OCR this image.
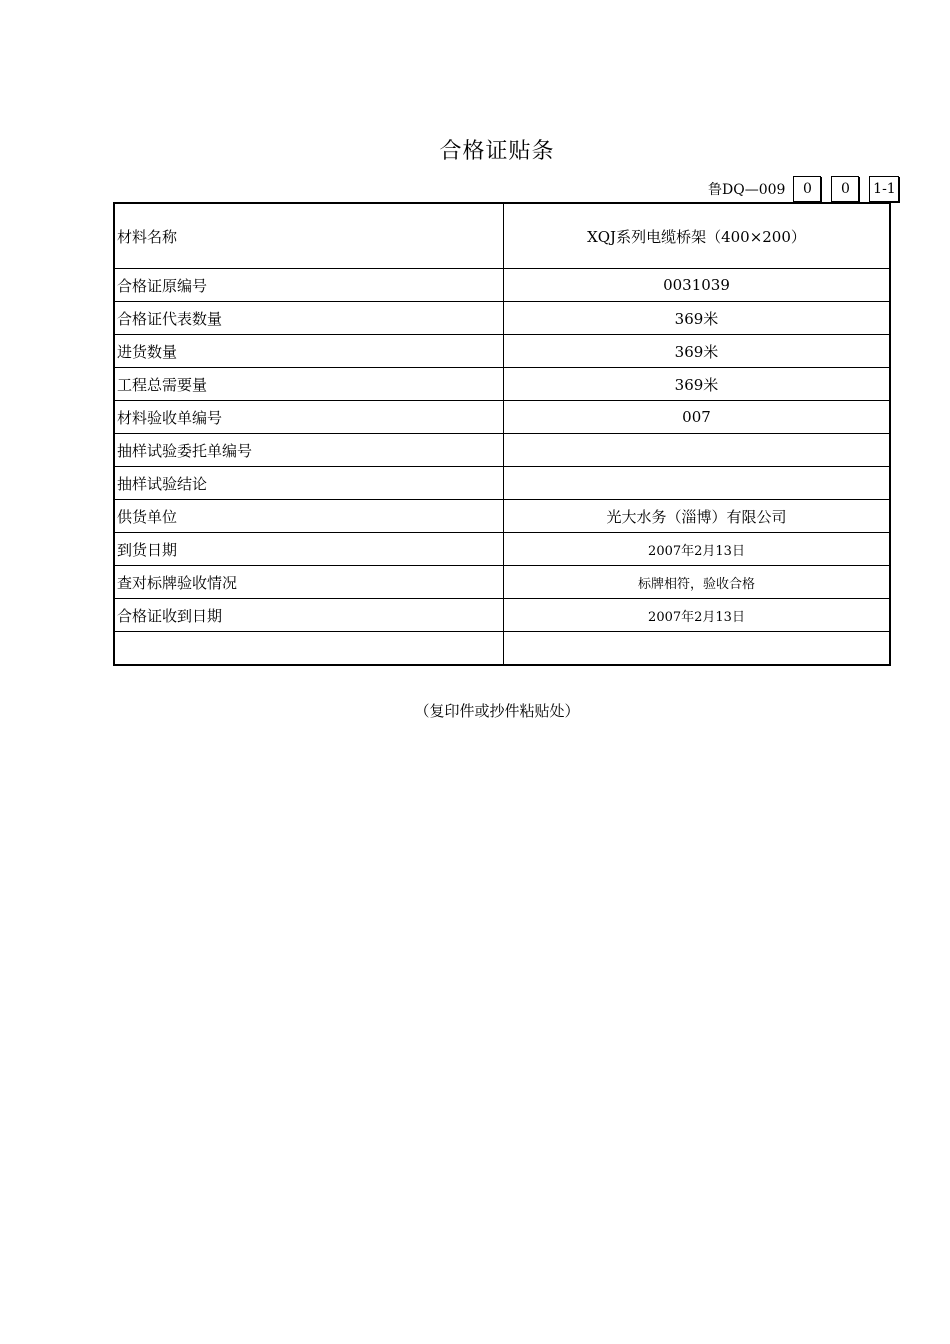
合格证贴条
鲁DQ—009	0	0	1-1
材料名称	XQJ系列电缆桥架（400×200）
合格证原编号	0031039
合格证代表数量	369米
进货数量	369米
工程总需要量	369米
材料验收单编号	007
抽样试验委托单编号	
抽样试验结论	
供货单位	光大水务（淄博）有限公司
到货日期	2007年2月13日
查对标牌验收情况	标牌相符，验收合格
合格证收到日期	2007年2月13日

（复印件或抄件粘贴处）
